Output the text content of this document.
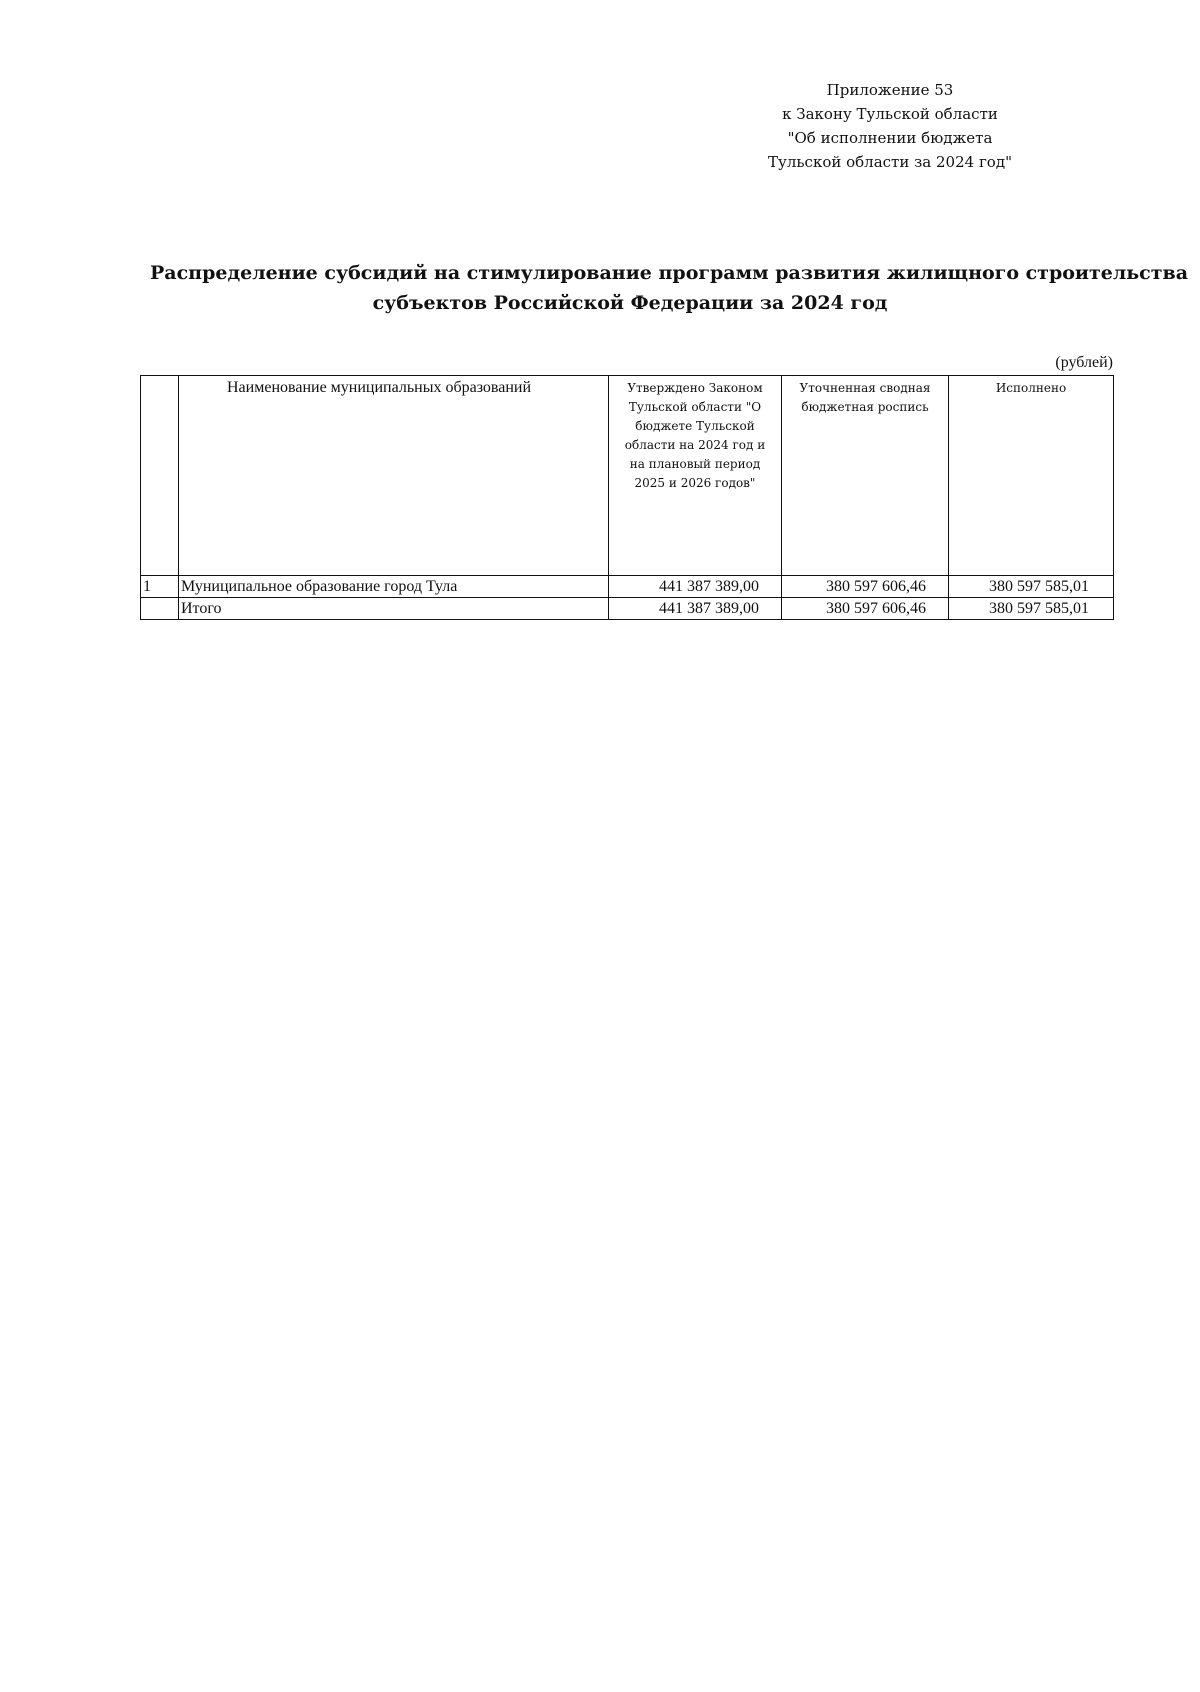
Приложение 53
к Закону Тульской области
"Об исполнении бюджета
Тульской области за 2024 год"
Распределение субсидий на стимулирование программ развития жилищного строительства
субъектов Российской Федерации за 2024 год
(рублей)
	Наименование муниципальных образований	Утверждено Законом Тульской области "О бюджете Тульской области на 2024 год и на плановый период 2025 и 2026 годов"	Уточненная сводная бюджетная роспись	Исполнено
1	Муниципальное образование город Тула	441 387 389,00	380 597 606,46	380 597 585,01
	Итого	441 387 389,00	380 597 606,46	380 597 585,01
